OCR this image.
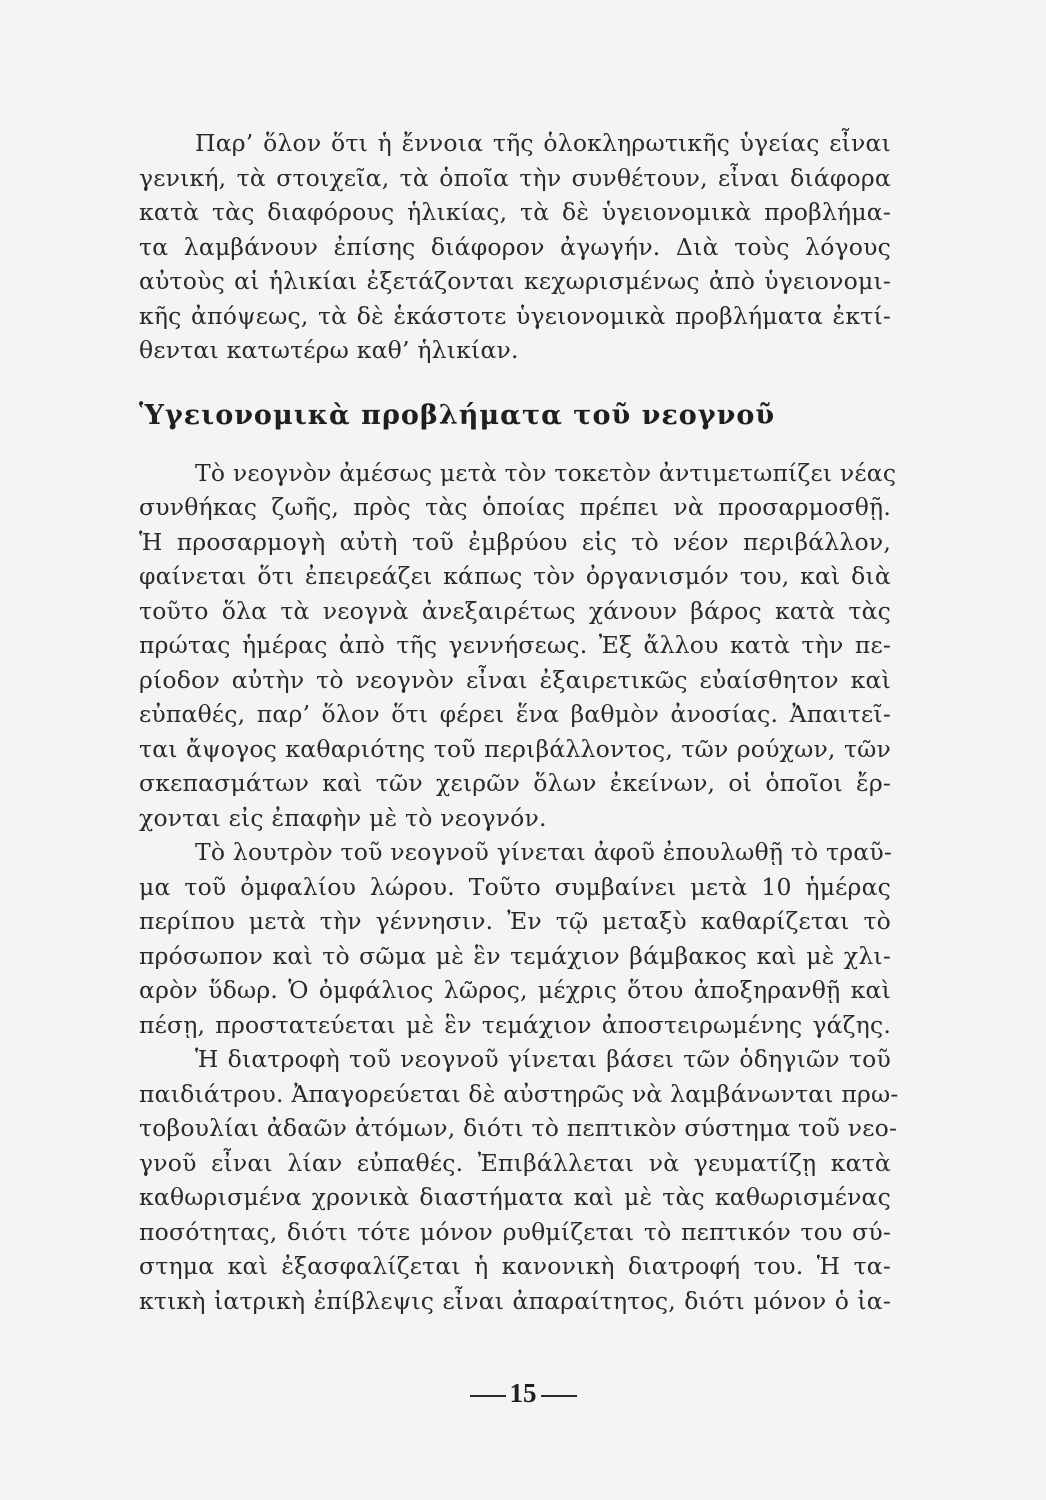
Παρ’ ὅλον ὅτι ἡ ἔννοια τῆς ὁλοκληρωτικῆς ὑγείας εἶναι
γενική, τὰ στοιχεῖα, τὰ ὁποῖα τὴν συνθέτουν, εἶναι διάφορα
κατὰ τὰς διαφόρους ἡλικίας, τὰ δὲ ὑγειονομικὰ προβλήμα-
τα λαμβάνουν ἐπίσης διάφορον ἀγωγήν. Διὰ τοὺς λόγους
αὐτοὺς αἱ ἡλικίαι ἐξετάζονται κεχωρισμένως ἀπὸ ὑγειονομι-
κῆς ἀπόψεως, τὰ δὲ ἑκάστοτε ὑγειονομικὰ προβλήματα ἐκτί-
θενται κατωτέρω καθ’ ἡλικίαν.
Ὑγειονομικὰ προβλήματα τοῦ νεογνοῦ
Τὸ νεογνὸν ἀμέσως μετὰ τὸν τοκετὸν ἀντιμετωπίζει νέας
συνθήκας ζωῆς, πρὸς τὰς ὁποίας πρέπει νὰ προσαρμοσθῇ.
Ἡ προσαρμογὴ αὐτὴ τοῦ ἐμβρύου εἰς τὸ νέον περιβάλλον,
φαίνεται ὅτι ἐπειρεάζει κάπως τὸν ὀργανισμόν του, καὶ διὰ
τοῦτο ὅλα τὰ νεογνὰ ἀνεξαιρέτως χάνουν βάρος κατὰ τὰς
πρώτας ἡμέρας ἀπὸ τῆς γεννήσεως. Ἐξ ἄλλου κατὰ τὴν πε-
ρίοδον αὐτὴν τὸ νεογνὸν εἶναι ἐξαιρετικῶς εὐαίσθητον καὶ
εὐπαθές, παρ’ ὅλον ὅτι φέρει ἕνα βαθμὸν ἀνοσίας. Ἀπαιτεῖ-
ται ἄψογος καθαριότης τοῦ περιβάλλοντος, τῶν ρούχων, τῶν
σκεπασμάτων καὶ τῶν χειρῶν ὅλων ἐκείνων, οἱ ὁποῖοι ἔρ-
χονται εἰς ἐπαφὴν μὲ τὸ νεογνόν.
Τὸ λουτρὸν τοῦ νεογνοῦ γίνεται ἀφοῦ ἐπουλωθῇ τὸ τραῦ-
μα τοῦ ὀμφαλίου λώρου. Τοῦτο συμβαίνει μετὰ 10 ἡμέρας
περίπου μετὰ τὴν γέννησιν. Ἐν τῷ μεταξὺ καθαρίζεται τὸ
πρόσωπον καὶ τὸ σῶμα μὲ ἓν τεμάχιον βάμβακος καὶ μὲ χλι-
αρὸν ὕδωρ. Ὁ ὀμφάλιος λῶρος, μέχρις ὅτου ἀποξηρανθῇ καὶ
πέσῃ, προστατεύεται μὲ ἓν τεμάχιον ἀποστειρωμένης γάζης.
Ἡ διατροφὴ τοῦ νεογνοῦ γίνεται βάσει τῶν ὁδηγιῶν τοῦ
παιδιάτρου. Ἀπαγορεύεται δὲ αὐστηρῶς νὰ λαμβάνωνται πρω-
τοβουλίαι ἀδαῶν ἀτόμων, διότι τὸ πεπτικὸν σύστημα τοῦ νεο-
γνοῦ εἶναι λίαν εὐπαθές. Ἐπιβάλλεται νὰ γευματίζῃ κατὰ
καθωρισμένα χρονικὰ διαστήματα καὶ μὲ τὰς καθωρισμένας
ποσότητας, διότι τότε μόνον ρυθμίζεται τὸ πεπτικόν του σύ-
στημα καὶ ἐξασφαλίζεται ἡ κανονικὴ διατροφή του. Ἡ τα-
κτικὴ ἰατρικὴ ἐπίβλεψις εἶναι ἀπαραίτητος, διότι μόνον ὁ ἰα-
15
